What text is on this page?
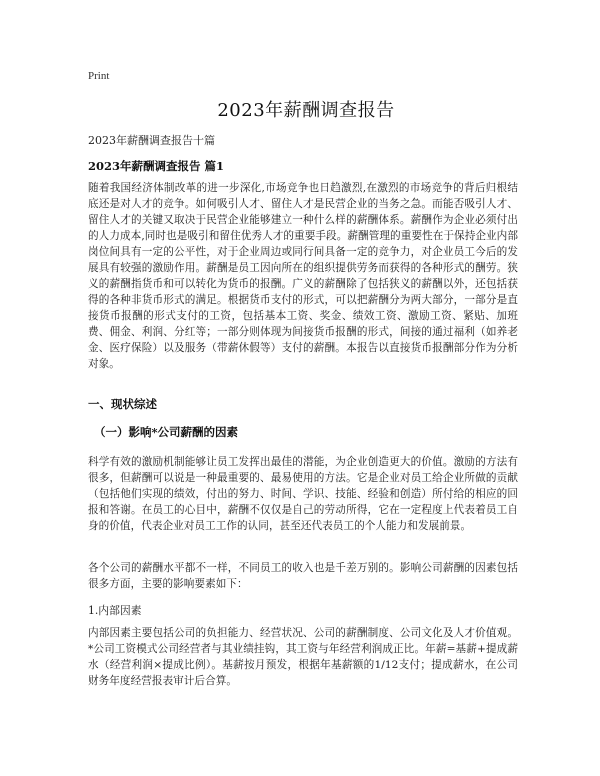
Print
2023年薪酬调查报告
2023年薪酬调查报告十篇
2023年薪酬调查报告 篇1

随着我国经济体制改革的进一步深化,市场竞争也日趋激烈,在激烈的市场竞争的背后归根结底还是对人才的竞争。如何吸引人才、留住人才是民营企业的当务之急。而能否吸引人才、留住人才的关键又取决于民营企业能够建立一种什么样的薪酬体系。薪酬作为企业必须付出的人力成本,同时也是吸引和留住优秀人才的重要手段。薪酬管理的重要性在于保持企业内部岗位间具有一定的公平性，对于企业周边或同行间具备一定的竞争力，对企业员工今后的发展具有较强的激励作用。薪酬是员工因向所在的组织提供劳务而获得的各种形式的酬劳。狭义的薪酬指货币和可以转化为货币的报酬。广义的薪酬除了包括狭义的薪酬以外，还包括获得的各种非货币形式的满足。根据货币支付的形式，可以把薪酬分为两大部分，一部分是直接货币报酬的形式支付的工资，包括基本工资、奖金、绩效工资、激励工资、紧贴、加班费、佣金、利润、分红等；一部分则体现为间接货币报酬的形式，间接的通过福利（如养老金、医疗保险）以及服务（带薪休假等）支付的薪酬。本报告以直接货币报酬部分作为分析对象。

一、现状综述
（一）影响*公司薪酬的因素

科学有效的激励机制能够让员工发挥出最佳的潜能，为企业创造更大的价值。激励的方法有很多，但薪酬可以说是一种最重要的、最易使用的方法。它是企业对员工给企业所做的贡献（包括他们实现的绩效，付出的努力、时间、学识、技能、经验和创造）所付给的相应的回报和答谢。在员工的心目中，薪酬不仅仅是自己的劳动所得，它在一定程度上代表着员工自身的价值，代表企业对员工工作的认同，甚至还代表员工的个人能力和发展前景。

各个公司的薪酬水平都不一样，不同员工的收入也是千差万别的。影响公司薪酬的因素包括很多方面，主要的影响要素如下：

1.内部因素

内部因素主要包括公司的负担能力、经营状况、公司的薪酬制度、公司文化及人才价值观。*公司工资模式公司经营者与其业绩挂钩，其工资与年经营利润成正比。年薪=基薪+提成薪水（经营利润×提成比例）。基薪按月预发，根据年基薪额的1/12支付；提成薪水，在公司财务年度经营报表审计后合算。
